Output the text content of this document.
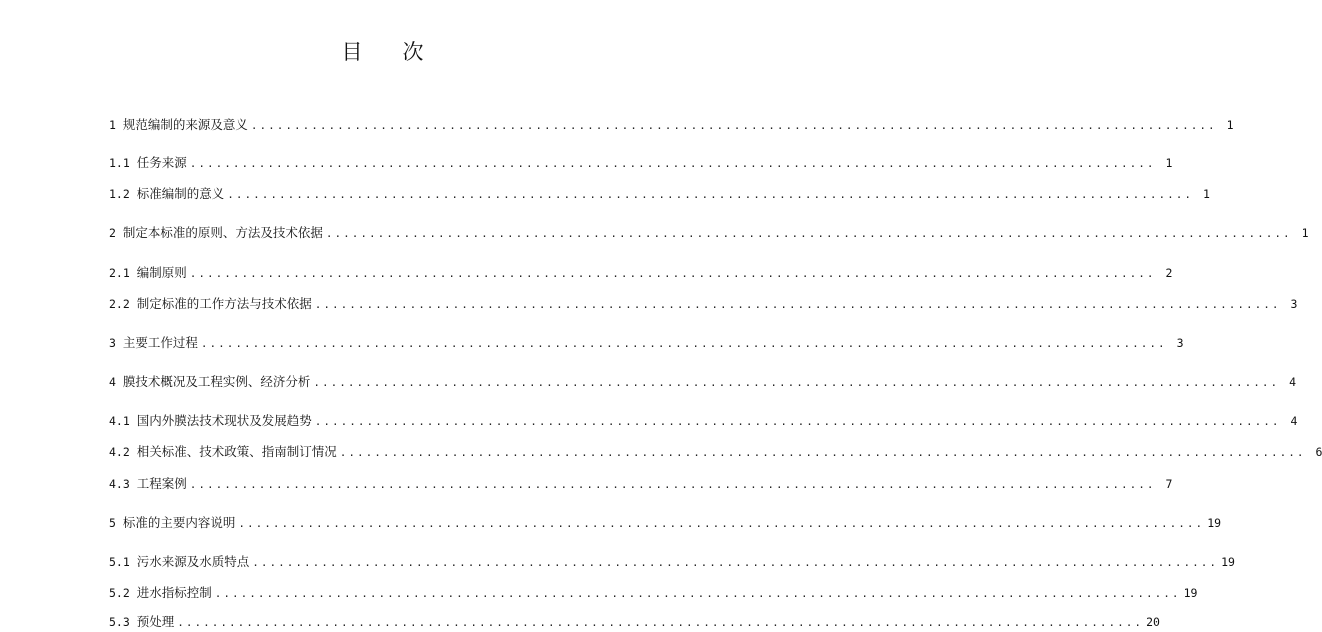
目 次
1 规范编制的来源及意义 ................................................................................................................ 1
1.1 任务来源 ................................................................................................................ 1
1.2 标准编制的意义 ................................................................................................................ 1
2 制定本标准的原则、方法及技术依据 ................................................................................................................ 1
2.1 编制原则 ................................................................................................................ 2
2.2 制定标准的工作方法与技术依据 ................................................................................................................ 3
3 主要工作过程 ................................................................................................................ 3
4 膜技术概况及工程实例、经济分析 ................................................................................................................ 4
4.1 国内外膜法技术现状及发展趋势 ................................................................................................................ 4
4.2 相关标准、技术政策、指南制订情况 ................................................................................................................ 6
4.3 工程案例 ................................................................................................................ 7
5 标准的主要内容说明 ................................................................................................................ 19
5.1 污水来源及水质特点 ................................................................................................................ 19
5.2 进水指标控制 ................................................................................................................ 19
5.3 预处理 ................................................................................................................ 20
